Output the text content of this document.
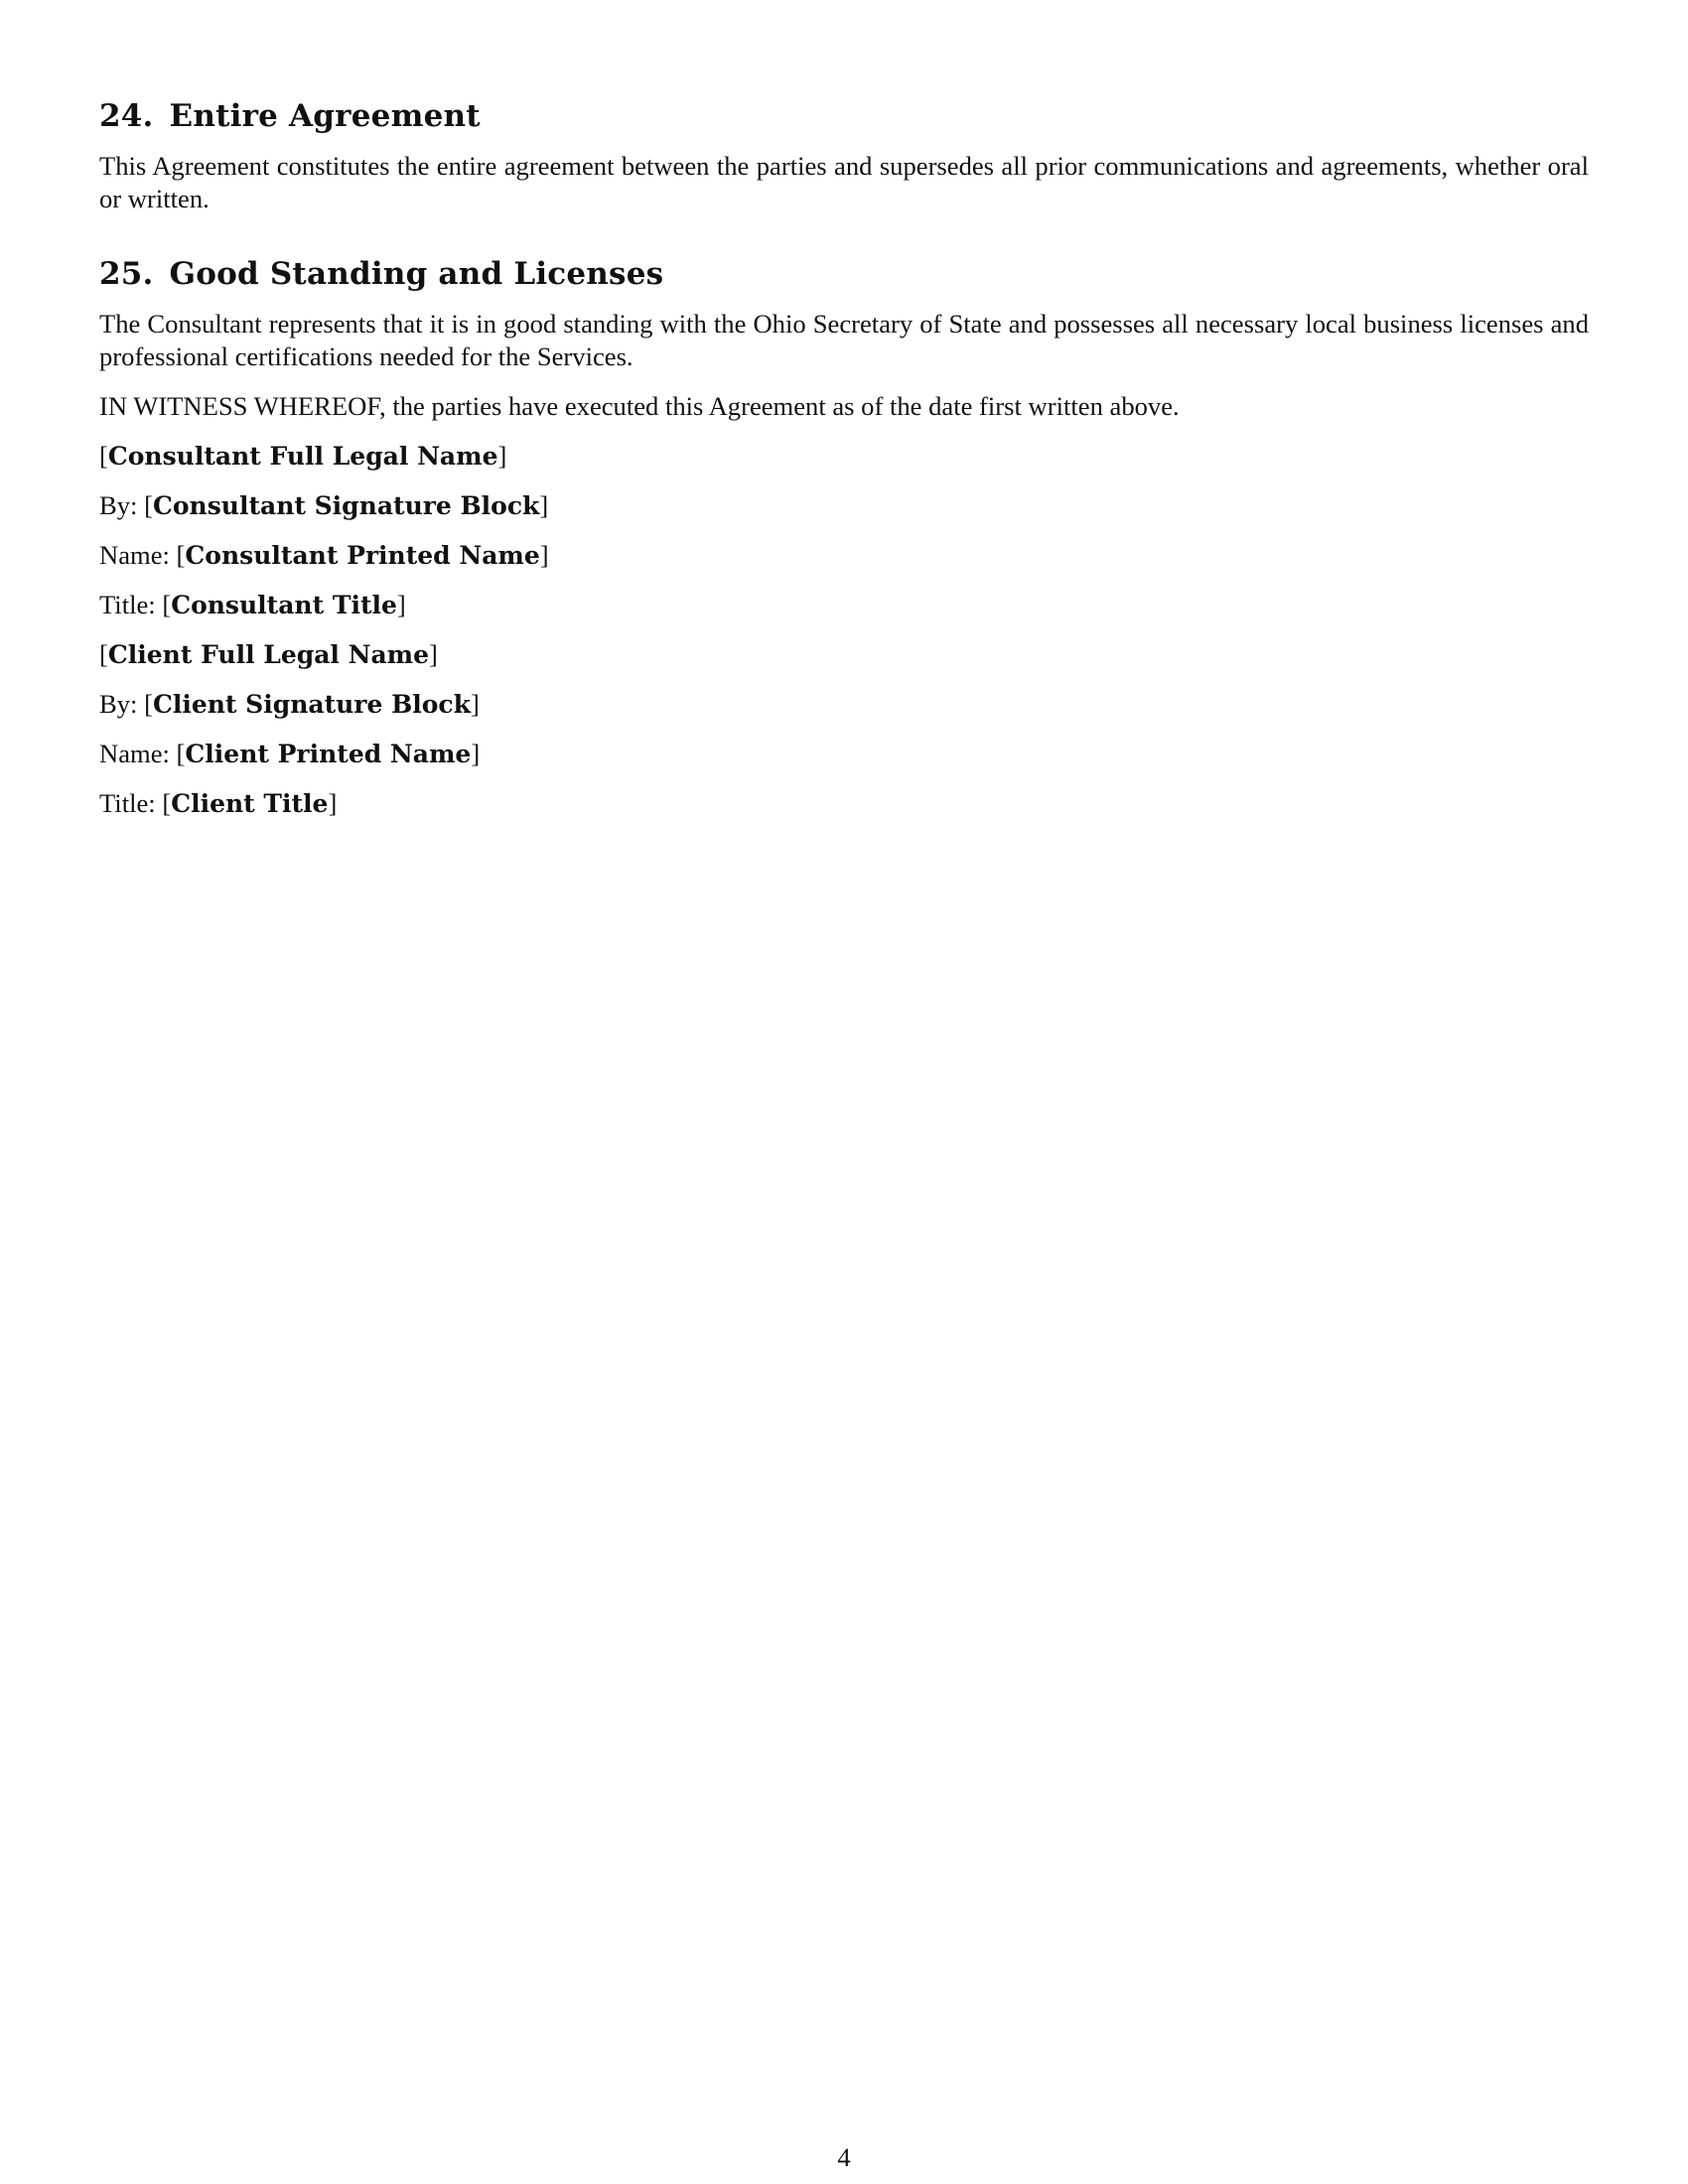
24. Entire Agreement

This Agreement constitutes the entire agreement between the parties and supersedes all prior communications and agreements, whether oral or written.

25. Good Standing and Licenses

The Consultant represents that it is in good standing with the Ohio Secretary of State and possesses all necessary local business licenses and professional certifications needed for the Services.

IN WITNESS WHEREOF, the parties have executed this Agreement as of the date first written above.

[Consultant Full Legal Name]
By: [Consultant Signature Block]
Name: [Consultant Printed Name]
Title: [Consultant Title]
[Client Full Legal Name]
By: [Client Signature Block]
Name: [Client Printed Name]
Title: [Client Title]
4
